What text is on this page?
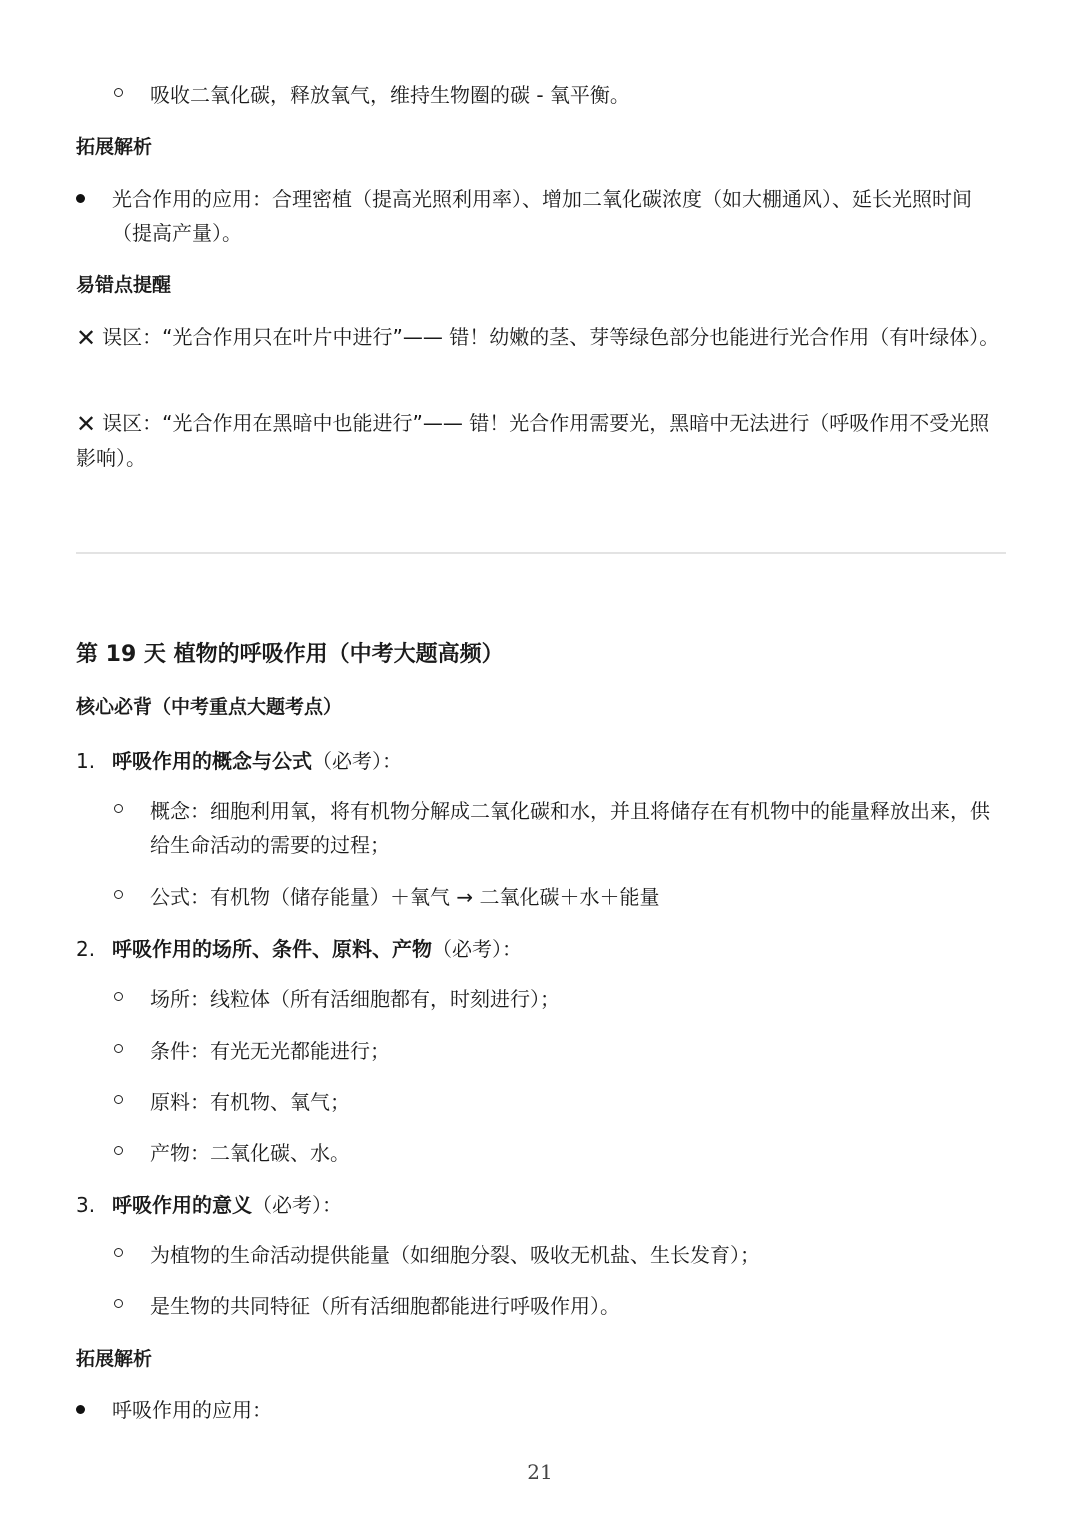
吸收二氧化碳，释放氧气，维持生物圈的碳 - 氧平衡。
拓展解析
光合作用的应用：合理密植（提高光照利用率）、增加二氧化碳浓度（如大棚通风）、延长光照时间（提高产量）。
易错点提醒
✕ 误区：“光合作用只在叶片中进行”—— 错！幼嫩的茎、芽等绿色部分也能进行光合作用（有叶绿体）。
✕ 误区：“光合作用在黑暗中也能进行”—— 错！光合作用需要光，黑暗中无法进行（呼吸作用不受光照影响）。
第 19 天 植物的呼吸作用（中考大题高频）
核心必背（中考重点大题考点）
1. 呼吸作用的概念与公式（必考）：
概念：细胞利用氧，将有机物分解成二氧化碳和水，并且将储存在有机物中的能量释放出来，供给生命活动的需要的过程；
公式：有机物（储存能量）＋氧气 → 二氧化碳＋水＋能量
2. 呼吸作用的场所、条件、原料、产物（必考）：
场所：线粒体（所有活细胞都有，时刻进行）；
条件：有光无光都能进行；
原料：有机物、氧气；
产物：二氧化碳、水。
3. 呼吸作用的意义（必考）：
为植物的生命活动提供能量（如细胞分裂、吸收无机盐、生长发育）；
是生物的共同特征（所有活细胞都能进行呼吸作用）。
拓展解析
呼吸作用的应用：
21
